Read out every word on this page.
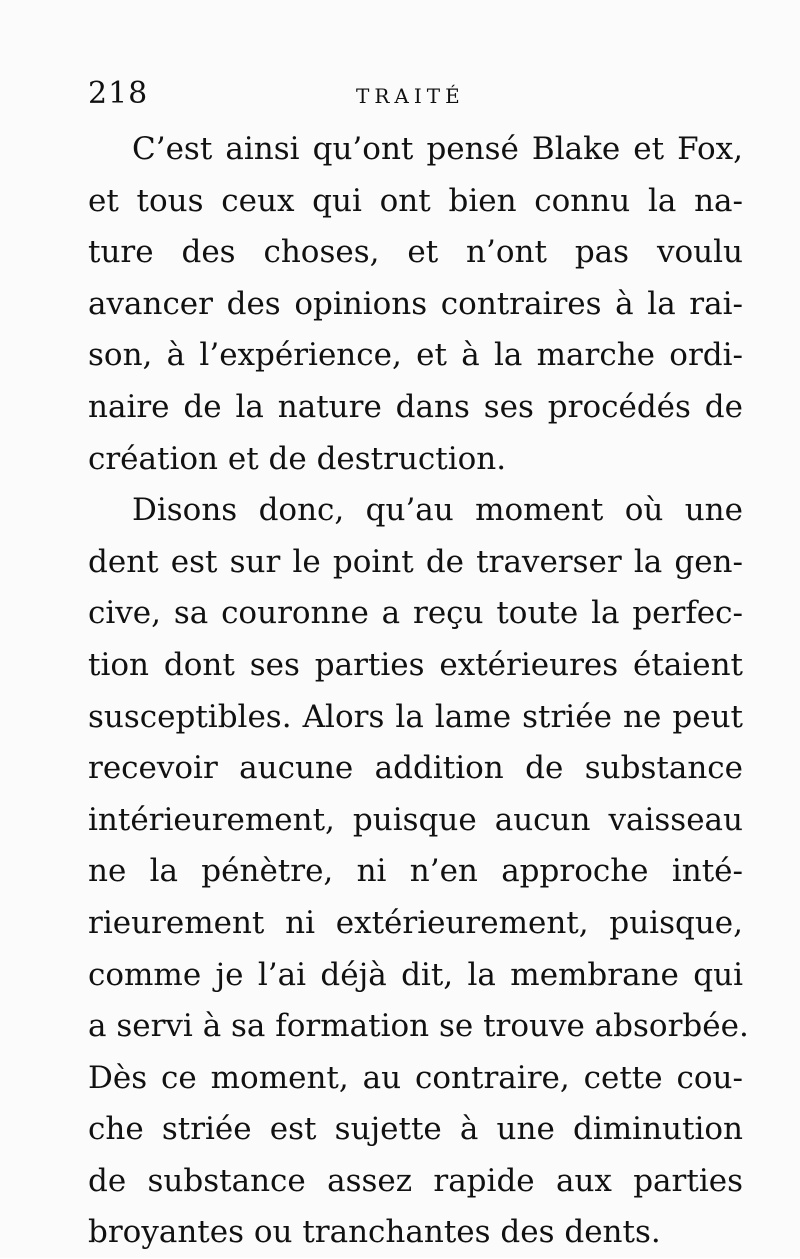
218	TRAITÉ
C’est ainsi qu’ont pensé Blake et Fox,
et tous ceux qui ont bien connu la na-
ture des choses, et n’ont pas voulu
avancer des opinions contraires à la rai-
son, à l’expérience, et à la marche ordi-
naire de la nature dans ses procédés de
création et de destruction.
Disons donc, qu’au moment où une
dent est sur le point de traverser la gen-
cive, sa couronne a reçu toute la perfec-
tion dont ses parties extérieures étaient
susceptibles. Alors la lame striée ne peut
recevoir aucune addition de substance
intérieurement, puisque aucun vaisseau
ne la pénètre, ni n’en approche inté-
rieurement ni extérieurement, puisque,
comme je l’ai déjà dit, la membrane qui
a servi à sa formation se trouve absorbée.
Dès ce moment, au contraire, cette cou-
che striée est sujette à une diminution
de substance assez rapide aux parties
broyantes ou tranchantes des dents.
